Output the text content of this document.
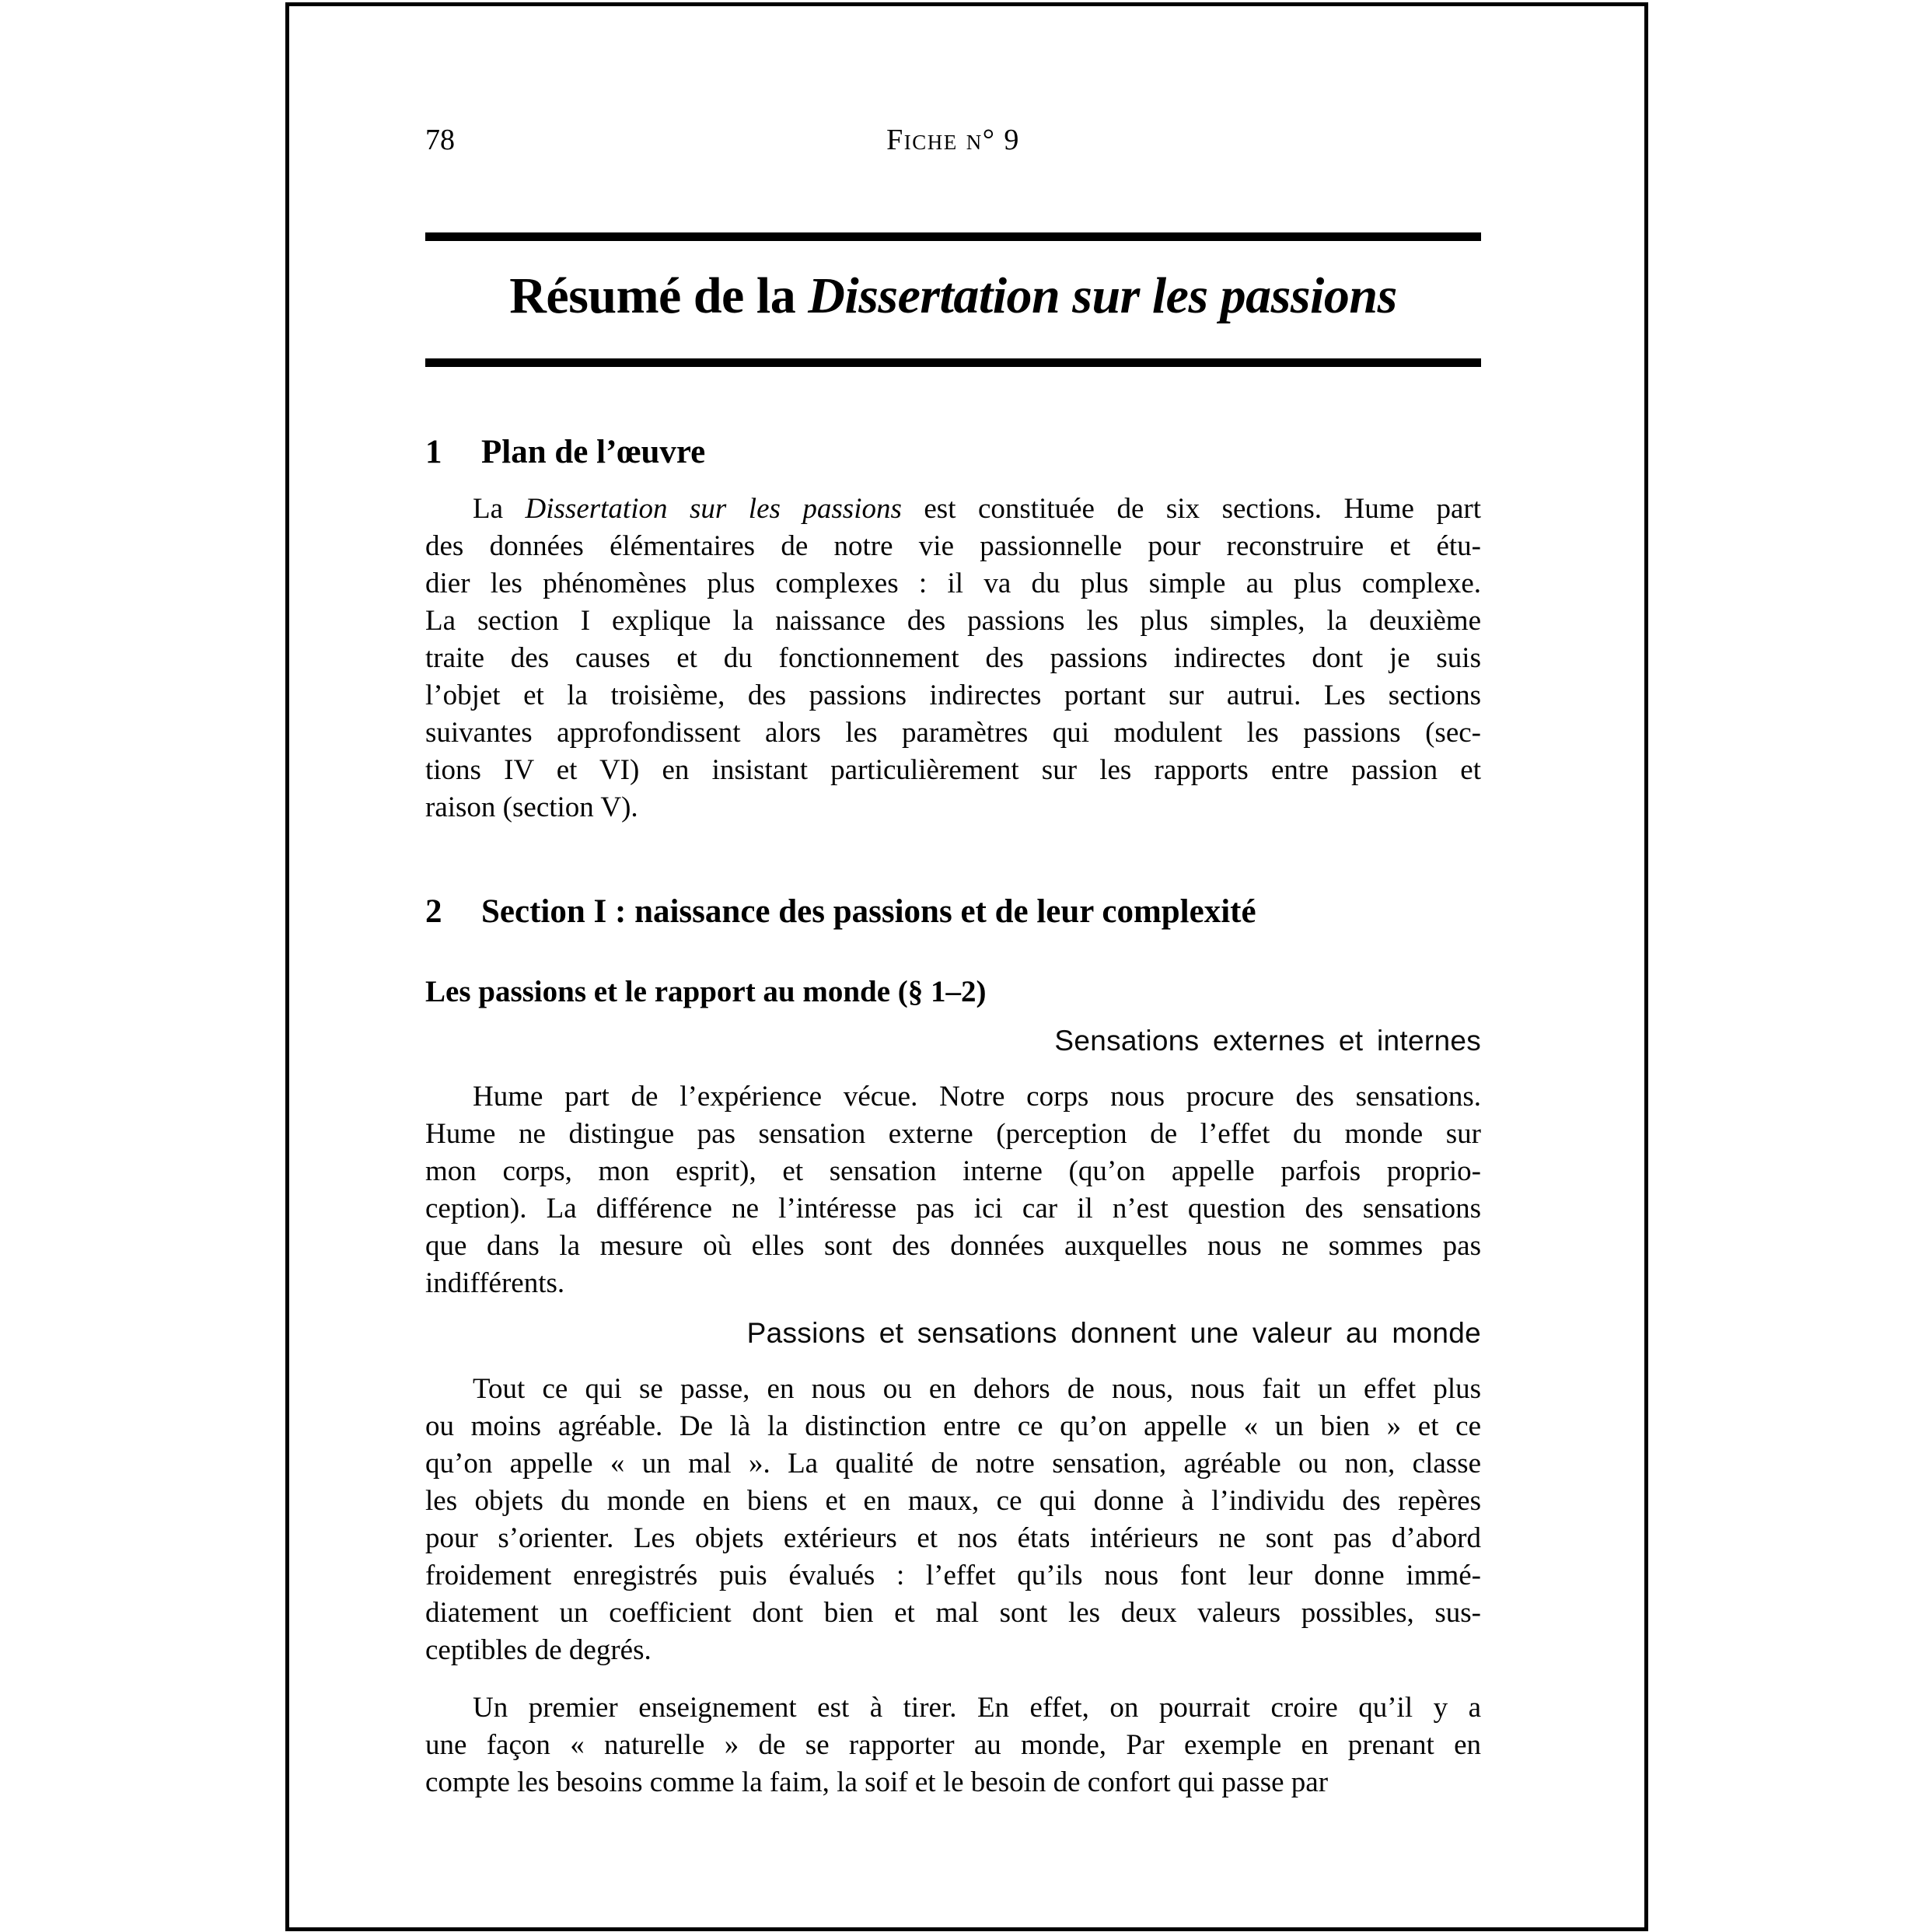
78	Fiche n° 9
Résumé de la Dissertation sur les passions
1 Plan de l’œuvre
La Dissertation sur les passions est constituée de six sections. Hume part
des données élémentaires de notre vie passionnelle pour reconstruire et étu-
dier les phénomènes plus complexes : il va du plus simple au plus complexe.
La section I explique la naissance des passions les plus simples, la deuxième
traite des causes et du fonctionnement des passions indirectes dont je suis
l’objet et la troisième, des passions indirectes portant sur autrui. Les sections
suivantes approfondissent alors les paramètres qui modulent les passions (sec-
tions IV et VI) en insistant particulièrement sur les rapports entre passion et
raison (section V).
2 Section I : naissance des passions et de leur complexité
Les passions et le rapport au monde (§ 1–2)
Sensations externes et internes
Hume part de l’expérience vécue. Notre corps nous procure des sensations.
Hume ne distingue pas sensation externe (perception de l’effet du monde sur
mon corps, mon esprit), et sensation interne (qu’on appelle parfois proprio-
ception). La différence ne l’intéresse pas ici car il n’est question des sensations
que dans la mesure où elles sont des données auxquelles nous ne sommes pas
indifférents.
Passions et sensations donnent une valeur au monde
Tout ce qui se passe, en nous ou en dehors de nous, nous fait un effet plus
ou moins agréable. De là la distinction entre ce qu’on appelle « un bien » et ce
qu’on appelle « un mal ». La qualité de notre sensation, agréable ou non, classe
les objets du monde en biens et en maux, ce qui donne à l’individu des repères
pour s’orienter. Les objets extérieurs et nos états intérieurs ne sont pas d’abord
froidement enregistrés puis évalués : l’effet qu’ils nous font leur donne immé-
diatement un coefficient dont bien et mal sont les deux valeurs possibles, sus-
ceptibles de degrés.
Un premier enseignement est à tirer. En effet, on pourrait croire qu’il y a
une façon « naturelle » de se rapporter au monde, Par exemple en prenant en
compte les besoins comme la faim, la soif et le besoin de confort qui passe par
